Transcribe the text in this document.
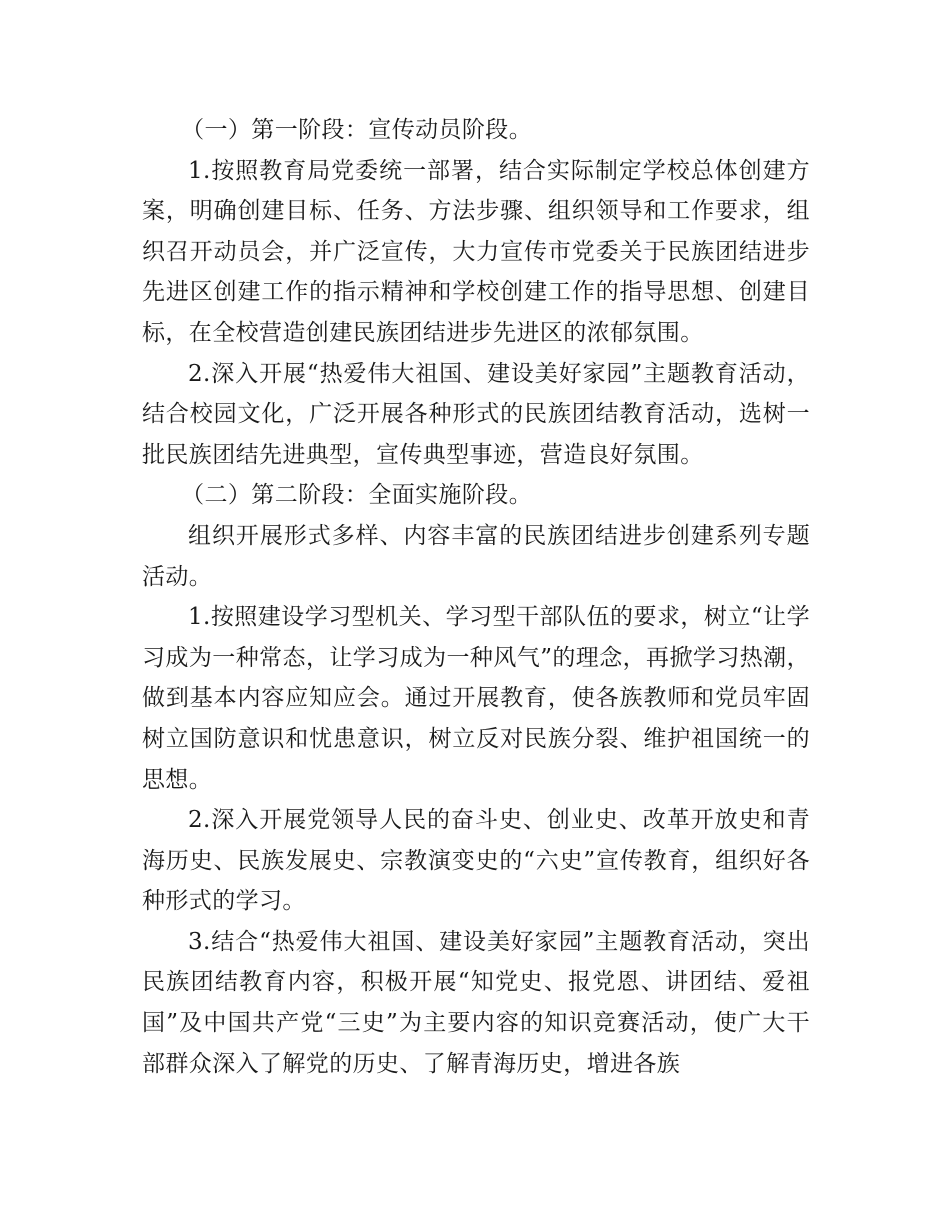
（一）第一阶段：宣传动员阶段。

1.按照教育局党委统一部署，结合实际制定学校总体创建方案，明确创建目标、任务、方法步骤、组织领导和工作要求，组织召开动员会，并广泛宣传，大力宣传市党委关于民族团结进步先进区创建工作的指示精神和学校创建工作的指导思想、创建目标，在全校营造创建民族团结进步先进区的浓郁氛围。

2.深入开展“热爱伟大祖国、建设美好家园”主题教育活动，结合校园文化，广泛开展各种形式的民族团结教育活动，选树一批民族团结先进典型，宣传典型事迹，营造良好氛围。

（二）第二阶段：全面实施阶段。

组织开展形式多样、内容丰富的民族团结进步创建系列专题活动。

1.按照建设学习型机关、学习型干部队伍的要求，树立“让学习成为一种常态，让学习成为一种风气”的理念，再掀学习热潮，做到基本内容应知应会。通过开展教育，使各族教师和党员牢固树立国防意识和忧患意识，树立反对民族分裂、维护祖国统一的思想。

2.深入开展党领导人民的奋斗史、创业史、改革开放史和青海历史、民族发展史、宗教演变史的“六史”宣传教育，组织好各种形式的学习。

3.结合“热爱伟大祖国、建设美好家园”主题教育活动，突出民族团结教育内容，积极开展“知党史、报党恩、讲团结、爱祖国”及中国共产党“三史”为主要内容的知识竞赛活动，使广大干部群众深入了解党的历史、了解青海历史，增进各族
